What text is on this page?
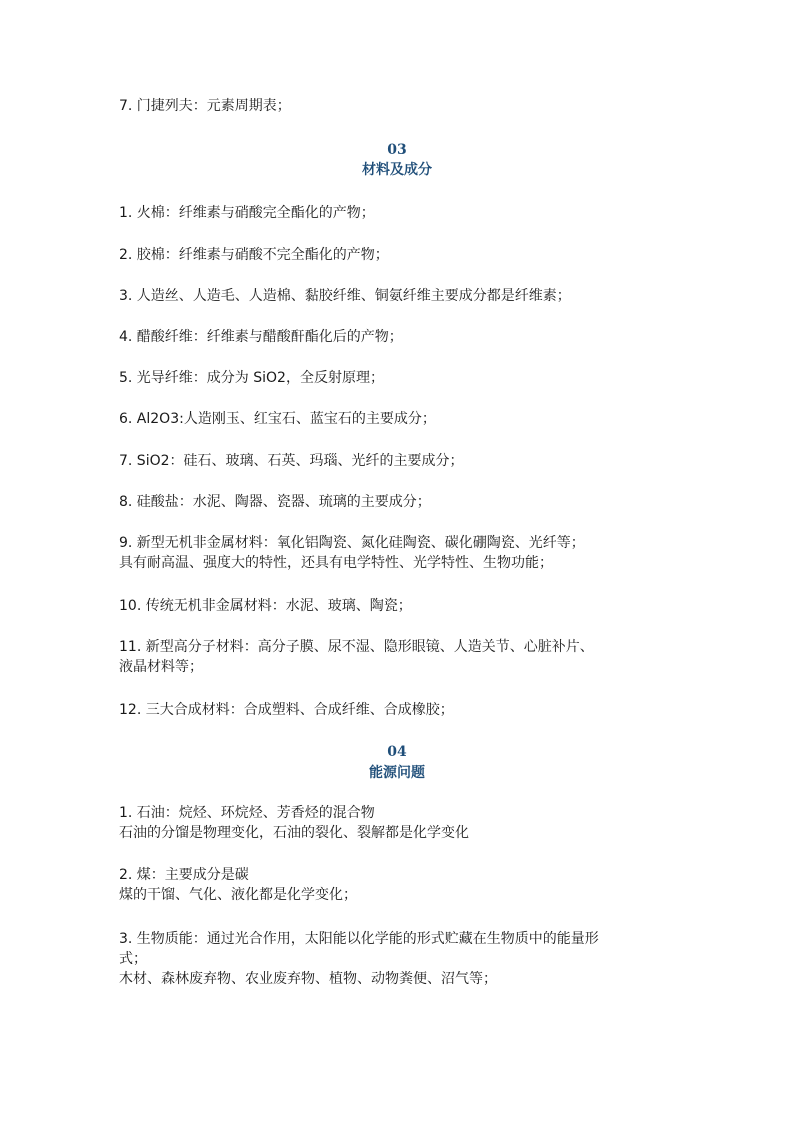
7. 门捷列夫：元素周期表；
03
材料及成分
1. 火棉：纤维素与硝酸完全酯化的产物；
2. 胶棉：纤维素与硝酸不完全酯化的产物；
3. 人造丝、人造毛、人造棉、黏胶纤维、铜氨纤维主要成分都是纤维素；
4. 醋酸纤维：纤维素与醋酸酐酯化后的产物；
5. 光导纤维：成分为 SiO2，全反射原理；
6. Al2O3:人造刚玉、红宝石、蓝宝石的主要成分；
7. SiO2：硅石、玻璃、石英、玛瑙、光纤的主要成分；
8. 硅酸盐：水泥、陶器、瓷器、琉璃的主要成分；
9. 新型无机非金属材料：氧化铝陶瓷、氮化硅陶瓷、碳化硼陶瓷、光纤等；
具有耐高温、强度大的特性，还具有电学特性、光学特性、生物功能；
10. 传统无机非金属材料：水泥、玻璃、陶瓷；
11. 新型高分子材料：高分子膜、尿不湿、隐形眼镜、人造关节、心脏补片、
液晶材料等；
12. 三大合成材料：合成塑料、合成纤维、合成橡胶；
04
能源问题
1. 石油：烷烃、环烷烃、芳香烃的混合物
石油的分馏是物理变化，石油的裂化、裂解都是化学变化
2. 煤：主要成分是碳
煤的干馏、气化、液化都是化学变化；
3. 生物质能：通过光合作用，太阳能以化学能的形式贮藏在生物质中的能量形
式；
木材、森林废弃物、农业废弃物、植物、动物粪便、沼气等；
